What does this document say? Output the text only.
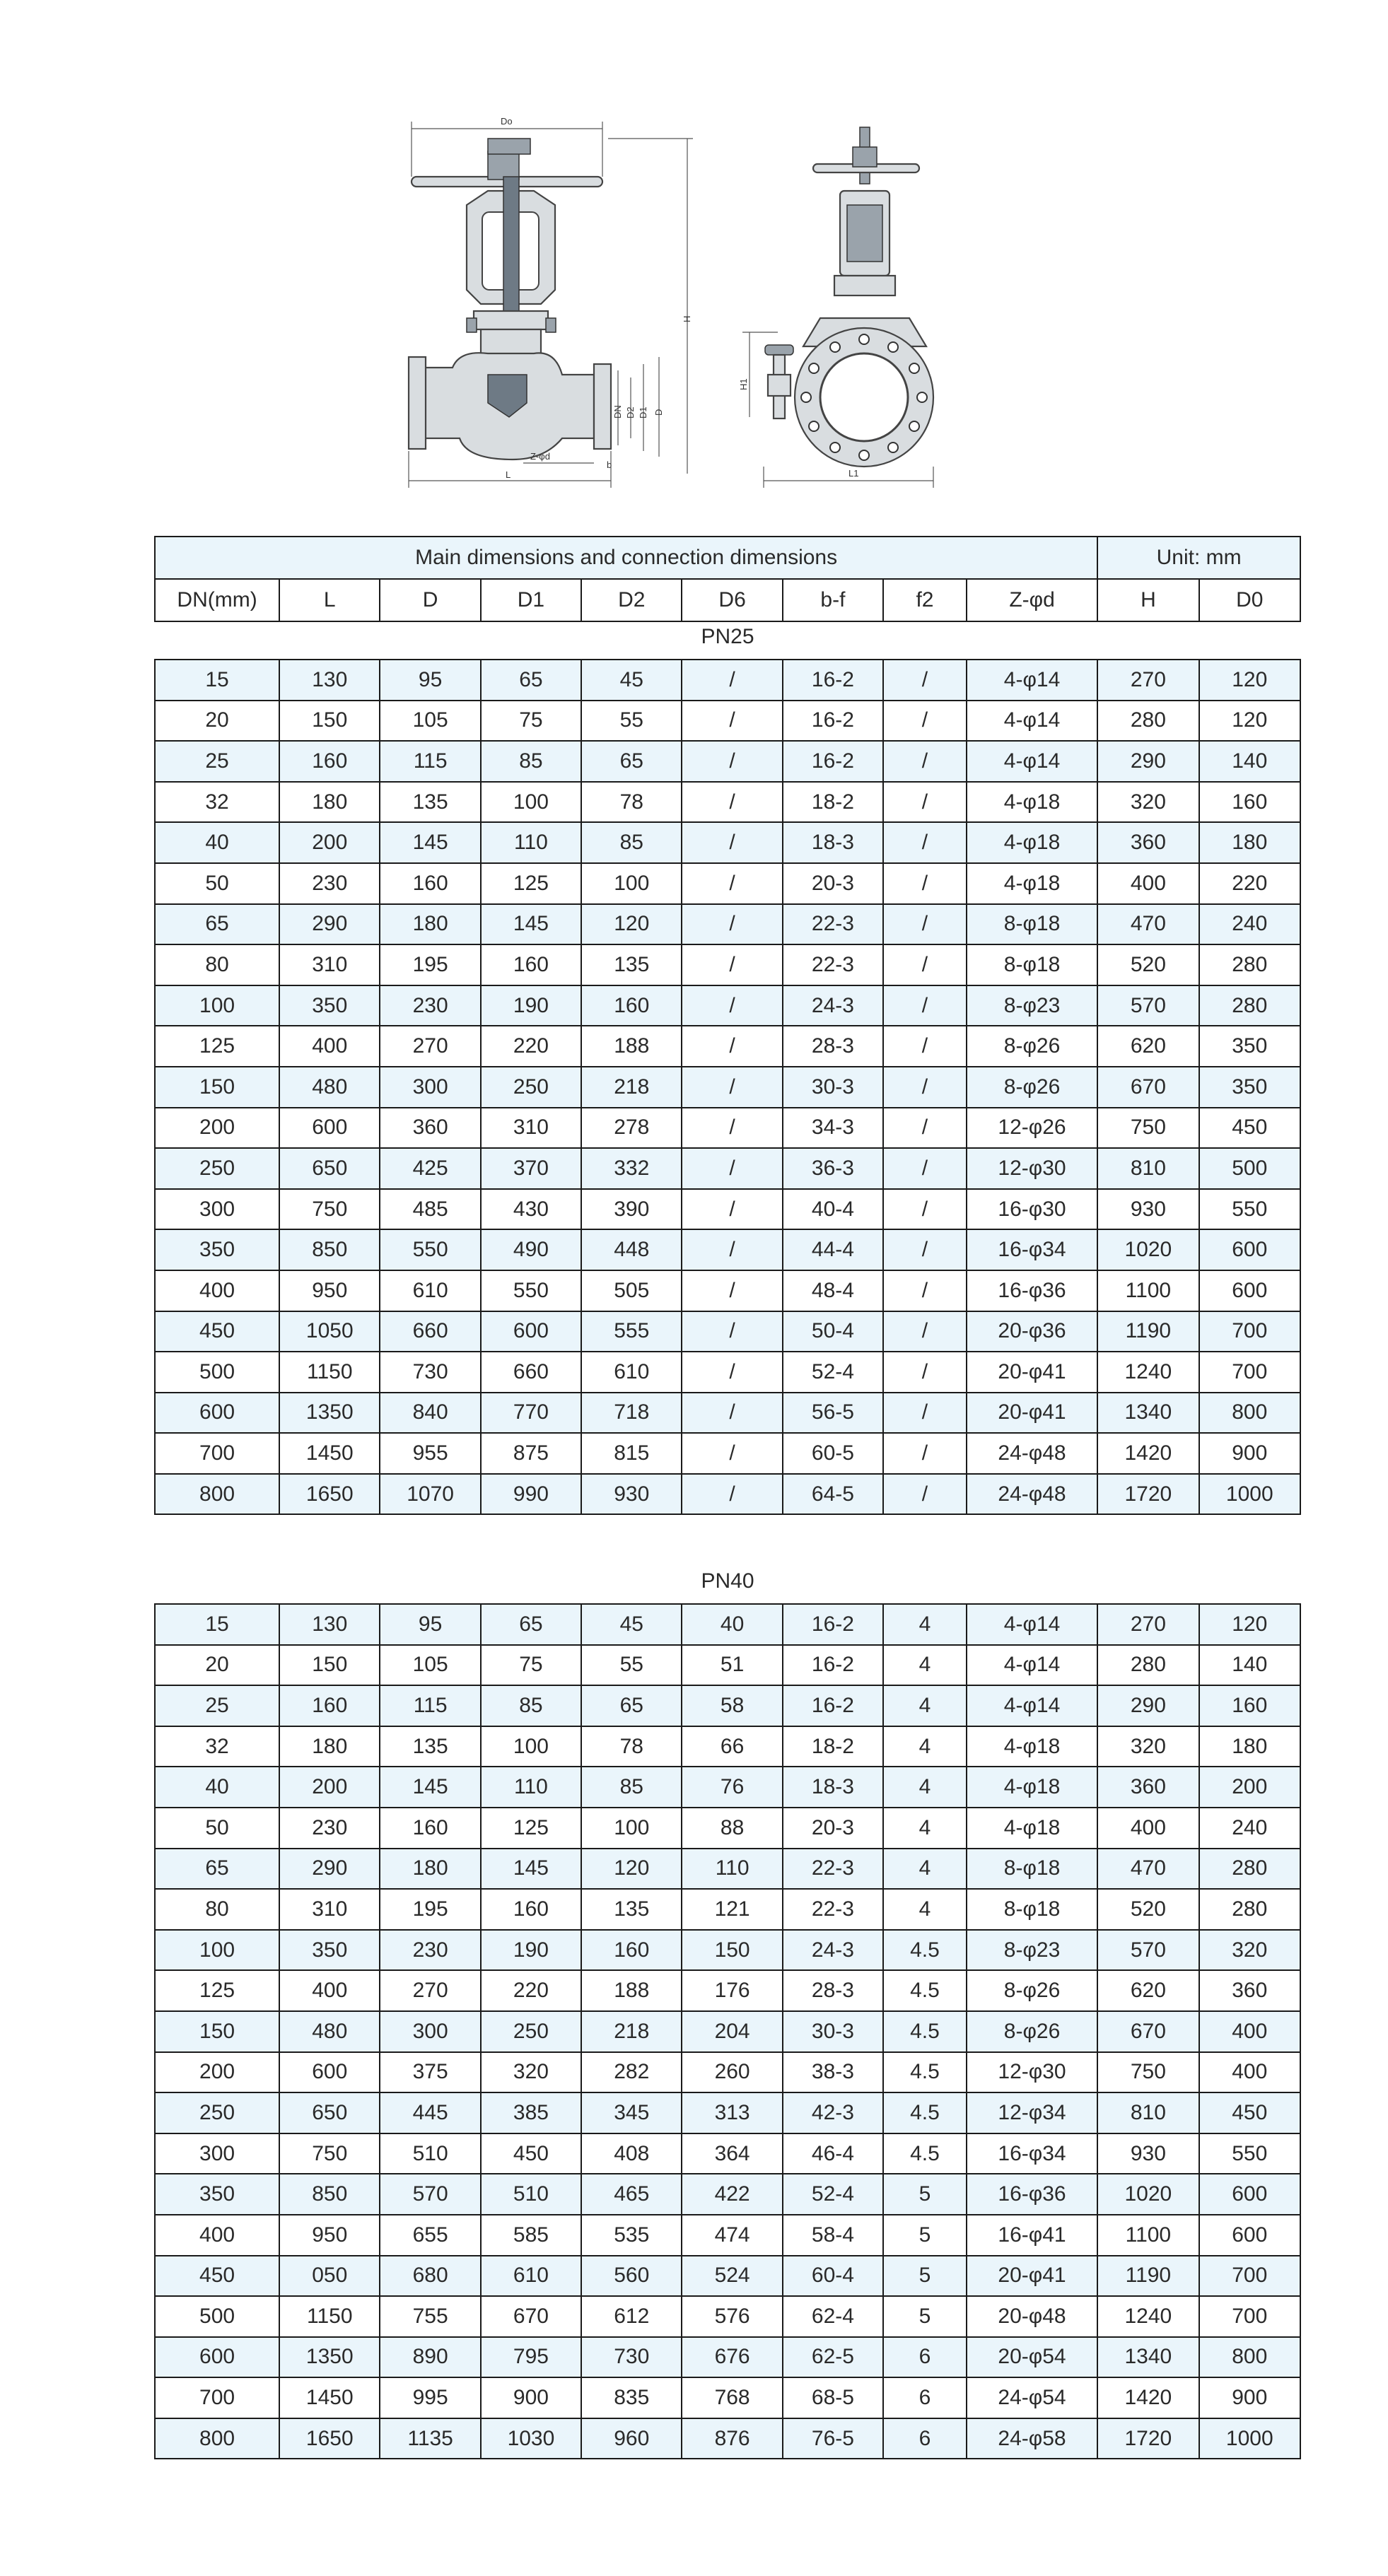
Do
DN D2 D1 D
H
Z-φd
b
L
H1
L1
Main dimensions and connection dimensions									Unit: mm	
DN(mm)	L	D	D1	D2	D6	b-f	f2	Z-φd	H	D0
PN25
15	130	95	65	45	/	16-2	/	4-φ14	270	120
20	150	105	75	55	/	16-2	/	4-φ14	280	120
25	160	115	85	65	/	16-2	/	4-φ14	290	140
32	180	135	100	78	/	18-2	/	4-φ18	320	160
40	200	145	110	85	/	18-3	/	4-φ18	360	180
50	230	160	125	100	/	20-3	/	4-φ18	400	220
65	290	180	145	120	/	22-3	/	8-φ18	470	240
80	310	195	160	135	/	22-3	/	8-φ18	520	280
100	350	230	190	160	/	24-3	/	8-φ23	570	280
125	400	270	220	188	/	28-3	/	8-φ26	620	350
150	480	300	250	218	/	30-3	/	8-φ26	670	350
200	600	360	310	278	/	34-3	/	12-φ26	750	450
250	650	425	370	332	/	36-3	/	12-φ30	810	500
300	750	485	430	390	/	40-4	/	16-φ30	930	550
350	850	550	490	448	/	44-4	/	16-φ34	1020	600
400	950	610	550	505	/	48-4	/	16-φ36	1100	600
450	1050	660	600	555	/	50-4	/	20-φ36	1190	700
500	1150	730	660	610	/	52-4	/	20-φ41	1240	700
600	1350	840	770	718	/	56-5	/	20-φ41	1340	800
700	1450	955	875	815	/	60-5	/	24-φ48	1420	900
800	1650	1070	990	930	/	64-5	/	24-φ48	1720	1000
PN40
15	130	95	65	45	40	16-2	4	4-φ14	270	120
20	150	105	75	55	51	16-2	4	4-φ14	280	140
25	160	115	85	65	58	16-2	4	4-φ14	290	160
32	180	135	100	78	66	18-2	4	4-φ18	320	180
40	200	145	110	85	76	18-3	4	4-φ18	360	200
50	230	160	125	100	88	20-3	4	4-φ18	400	240
65	290	180	145	120	110	22-3	4	8-φ18	470	280
80	310	195	160	135	121	22-3	4	8-φ18	520	280
100	350	230	190	160	150	24-3	4.5	8-φ23	570	320
125	400	270	220	188	176	28-3	4.5	8-φ26	620	360
150	480	300	250	218	204	30-3	4.5	8-φ26	670	400
200	600	375	320	282	260	38-3	4.5	12-φ30	750	400
250	650	445	385	345	313	42-3	4.5	12-φ34	810	450
300	750	510	450	408	364	46-4	4.5	16-φ34	930	550
350	850	570	510	465	422	52-4	5	16-φ36	1020	600
400	950	655	585	535	474	58-4	5	16-φ41	1100	600
450	050	680	610	560	524	60-4	5	20-φ41	1190	700
500	1150	755	670	612	576	62-4	5	20-φ48	1240	700
600	1350	890	795	730	676	62-5	6	20-φ54	1340	800
700	1450	995	900	835	768	68-5	6	24-φ54	1420	900
800	1650	1135	1030	960	876	76-5	6	24-φ58	1720	1000
